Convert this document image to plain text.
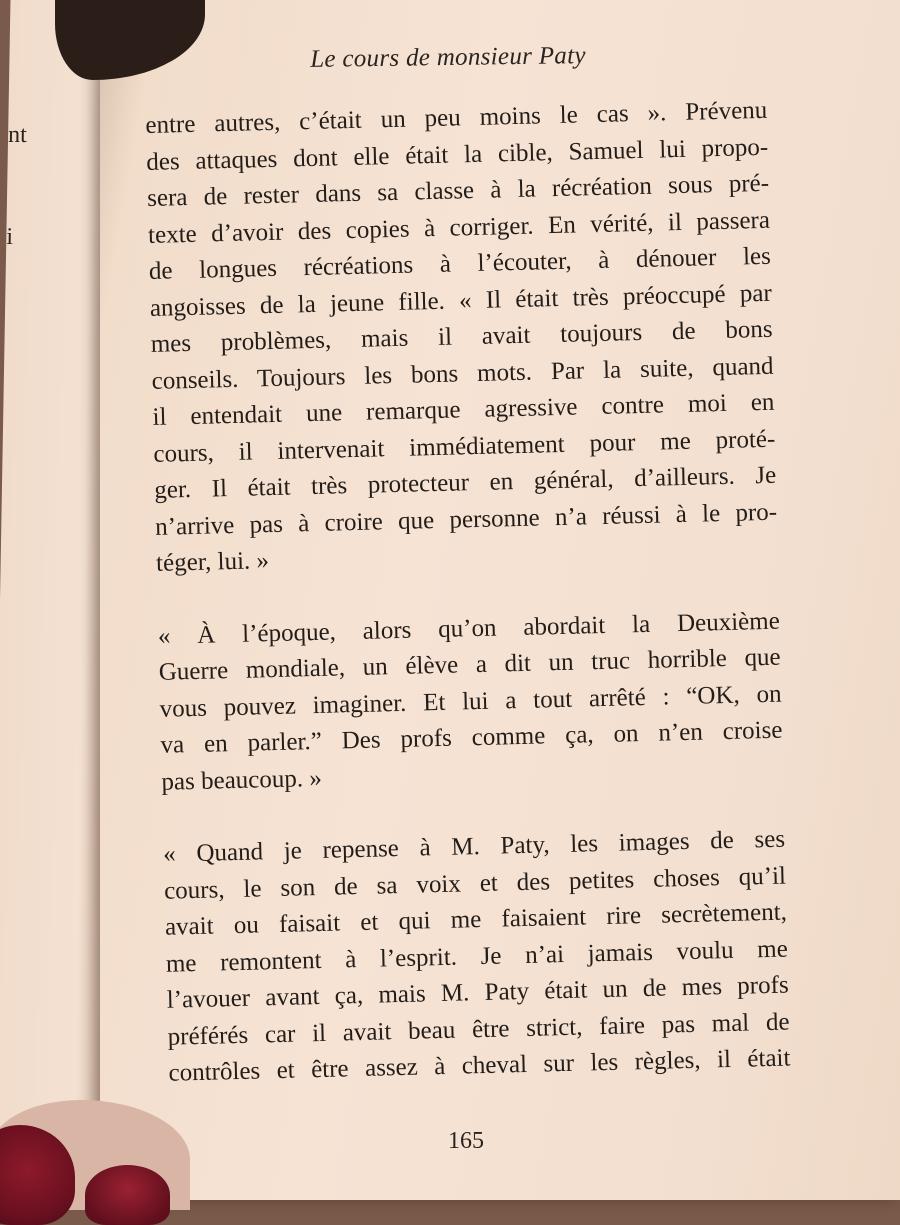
nt
i
Le cours de monsieur Paty
entre autres, c’était un peu moins le cas ». Prévenu
des attaques dont elle était la cible, Samuel lui propo-
sera de rester dans sa classe à la récréation sous pré-
texte d’avoir des copies à corriger. En vérité, il passera
de longues récréations à l’écouter, à dénouer les
angoisses de la jeune fille. « Il était très préoccupé par
mes problèmes, mais il avait toujours de bons
conseils. Toujours les bons mots. Par la suite, quand
il entendait une remarque agressive contre moi en
cours, il intervenait immédiatement pour me proté-
ger. Il était très protecteur en général, d’ailleurs. Je
n’arrive pas à croire que personne n’a réussi à le pro-
téger, lui. »
« À l’époque, alors qu’on abordait la Deuxième
Guerre mondiale, un élève a dit un truc horrible que
vous pouvez imaginer. Et lui a tout arrêté : “OK, on
va en parler.” Des profs comme ça, on n’en croise
pas beaucoup. »
« Quand je repense à M. Paty, les images de ses
cours, le son de sa voix et des petites choses qu’il
avait ou faisait et qui me faisaient rire secrètement,
me remontent à l’esprit. Je n’ai jamais voulu me
l’avouer avant ça, mais M. Paty était un de mes profs
préférés car il avait beau être strict, faire pas mal de
contrôles et être assez à cheval sur les règles, il était
165
